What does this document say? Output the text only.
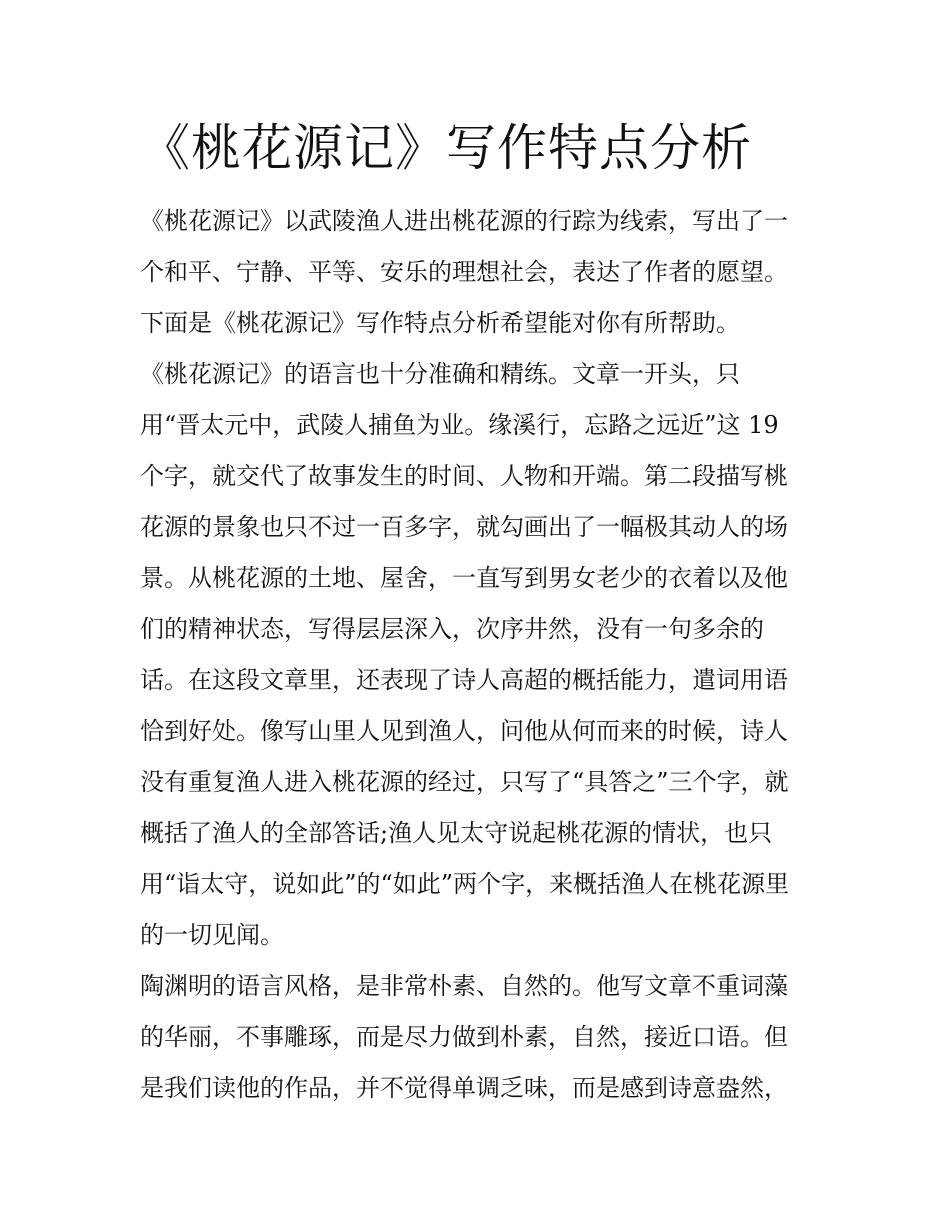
《桃花源记》写作特点分析
《桃花源记》以武陵渔人进出桃花源的行踪为线索，写出了一
个和平、宁静、平等、安乐的理想社会，表达了作者的愿望。
下面是《桃花源记》写作特点分析希望能对你有所帮助。
《桃花源记》的语言也十分准确和精练。文章一开头，只
用“晋太元中，武陵人捕鱼为业。缘溪行，忘路之远近”这 19
个字，就交代了故事发生的时间、人物和开端。第二段描写桃
花源的景象也只不过一百多字，就勾画出了一幅极其动人的场
景。从桃花源的土地、屋舍，一直写到男女老少的衣着以及他
们的精神状态，写得层层深入，次序井然，没有一句多余的
话。在这段文章里，还表现了诗人高超的概括能力，遣词用语
恰到好处。像写山里人见到渔人，问他从何而来的时候，诗人
没有重复渔人进入桃花源的经过，只写了“具答之”三个字，就
概括了渔人的全部答话;渔人见太守说起桃花源的情状，也只
用“诣太守，说如此”的“如此”两个字，来概括渔人在桃花源里
的一切见闻。
陶渊明的语言风格，是非常朴素、自然的。他写文章不重词藻
的华丽，不事雕琢，而是尽力做到朴素，自然，接近口语。但
是我们读他的作品，并不觉得单调乏味，而是感到诗意盎然，
